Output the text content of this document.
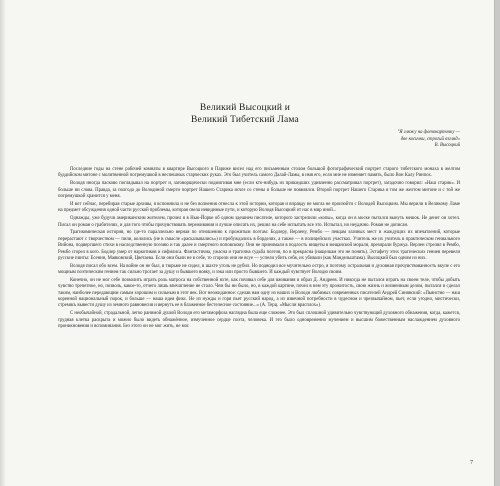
Великий Высоцкий и
Великий Тибетский Лама
"Я гляжу на фотокарточку —
две косички, строгий взгляд»
В. Высоцкий

Последние годы на стене рабочей комнаты в квартире Высоцкого в Париже висел над его письменным столом большой фотографический портрет старого тибетского монаха в желтом буддийском митоне с молитвенной погремушкой в неспешных старческих руках. Это был учитель самого Далай-Ламы, в имя его, если мне не изменяет память, было Вон Калу Ринпох.

Володя иногда пасково поглядывал на портрет и, заговорщически подмигивая мне (если кто-нибудь из пришедших удивленно рассматривал портрет), загадочно говорил: «Наш старик». И больше ни слова. Правда, за полгода до Володиной смерти портрет Нашего Старика исчез со стены и больше не появлялся. Второй портрет Нашего Старика я том же желтом митоне и с той же погремушкой хранится у меня.

И вот сейчас, перебирая старые архивы, я вспомнила и не без волнения отнесла к этой истории, которая и вправду не могла не произойти с Володей Высоцким. Мы верили в Великому Ламе на предмет обсуждения одной части русской проблемы, которая свела невидимые пути, и которую Володя Высоцкий от нас в мир иной...

Однажды, уже будучи американским жителем, прочел я в Нью-Йорке об одном здешнем писателе, которого застрелили «копы», когда он в моске пытался вынуть мешок. Не денег он хотел. Писал он роман о грабителях, и для того чтобы прочувствовать переживания и лучше описать их, решил на себе испытать все это. Испытал, но неудачно. Роман не дописан.

Трагикомическая история, но где-то параллельно верная по отношению к прожитым поэтам: Бодлеру, Верлену, Рембо — певцам злачных мест и жаждущих их впечатлений, которые перерастают с творчеством — пили, кололись (не в смысле «раскалывались») и пробуждались в борделях, а также — в полицейских участках. Учитель же их учитель в практическом гениального Вийона, подвергшего стихи в наследственную поэзию и так далее и смертного поповскому. Они не принимали в подлость нищеты в мещанской морали, презирали буржуа. Верлен стрелял в Рембо, Рембо сгорел в кого. Бодлер умер от наркотиков и сифилиса. Фантастична, ужасна и трагична судьба поэтов, по в прекрасна (нащелкам это не понять). Эстафету этих трагических гениев перевели русские пииты: Есенин, Маяковский, Цветаева. Если они были не в себе, то сгорели они не всуе — успели убить себя, их убивали (как Мандельштама). Высоцкий был одним из них.

Володя писал обо всем. На войне он не был, в тюрьме не сидел, в шахте уголь не рубил. Но подводил все мучительно остро, я поэтому остральная и духовная прочувствованность вкупе с его мощным поэтическим гением так сильно трогает за душу и бывшего вояку, и зэка или просто бывшего. И каждый чувствует Володю своим.

Конечно, он не мог себе позволить играть роль матроса на собственной яхте, как почивал себе для вживания в образ Д. Андреев. И никогда не пытался играть на своем теле, чтобы добыть чувство трепетное, но, позволь, какое-то, отчего лишь впечатление не стало. Чем бы ни было, но, в каждой картине, почел в нем эту прожитость, свою жизнь и жизненным делом, пытался и сделал таким, наиболее передающим самым хорошим и сильным в этот век. Вот неожиданное: сделав нам одну из наших и Володи любимых современных писателей Андрей Синявский: «Пьянство — наш коренной национальный порок, и больше — наша идея фикс. Не из нужды и горя пьет русский народ, а из извечной потребности в чудесном и чрезвычайном, пьет, если угодно, мистически, стремясь вывести душу из земного равновесия и вернуть ее в блаженное бестелесное состояние...» (А. Терц. «Мысли врасплох»).

С необычайной, страдальной, легко ранимой душой Володи его метаморфоза наглядна была еще сложнее. Это был сплошной удивительно чувствующий духовного обнажения, когда, кажется, грудная клетка раскрыта и можно было видеть обнажённое, измученное сердце поэта, человека. И это было одновременно мучением и высшим божественным наслаждением духовного проникновения и вспоминания. Без этого он не мог жить, не мог.

7
